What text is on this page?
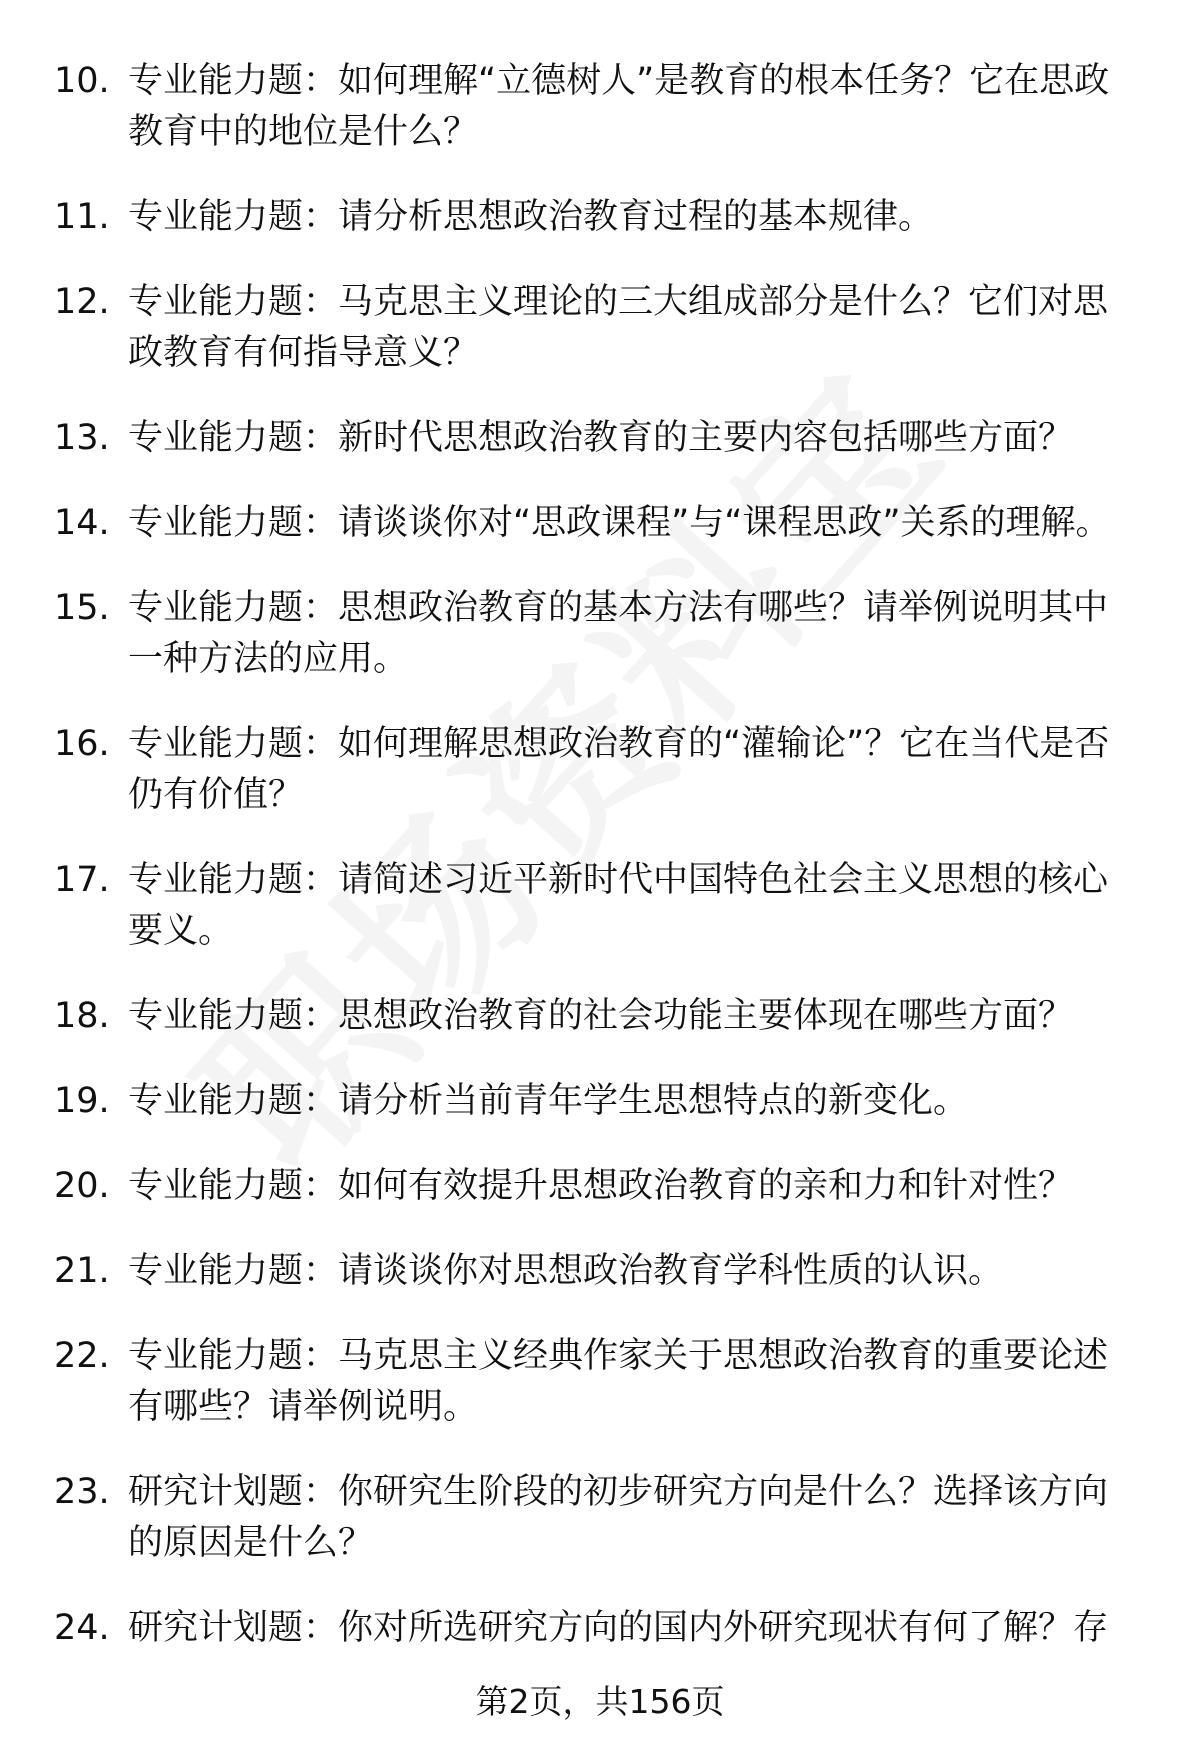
10. 专业能力题：如何理解“立德树人”是教育的根本任务？它在思政教育中的地位是什么？
11. 专业能力题：请分析思想政治教育过程的基本规律。
12. 专业能力题：马克思主义理论的三大组成部分是什么？它们对思政教育有何指导意义？
13. 专业能力题：新时代思想政治教育的主要内容包括哪些方面？
14. 专业能力题：请谈谈你对“思政课程”与“课程思政”关系的理解。
15. 专业能力题：思想政治教育的基本方法有哪些？请举例说明其中一种方法的应用。
16. 专业能力题：如何理解思想政治教育的“灌输论”？它在当代是否仍有价值？
17. 专业能力题：请简述习近平新时代中国特色社会主义思想的核心要义。
18. 专业能力题：思想政治教育的社会功能主要体现在哪些方面？
19. 专业能力题：请分析当前青年学生思想特点的新变化。
20. 专业能力题：如何有效提升思想政治教育的亲和力和针对性？
21. 专业能力题：请谈谈你对思想政治教育学科性质的认识。
22. 专业能力题：马克思主义经典作家关于思想政治教育的重要论述有哪些？请举例说明。
23. 研究计划题：你研究生阶段的初步研究方向是什么？选择该方向的原因是什么？
24. 研究计划题：你对所选研究方向的国内外研究现状有何了解？存
第2页，共156页
